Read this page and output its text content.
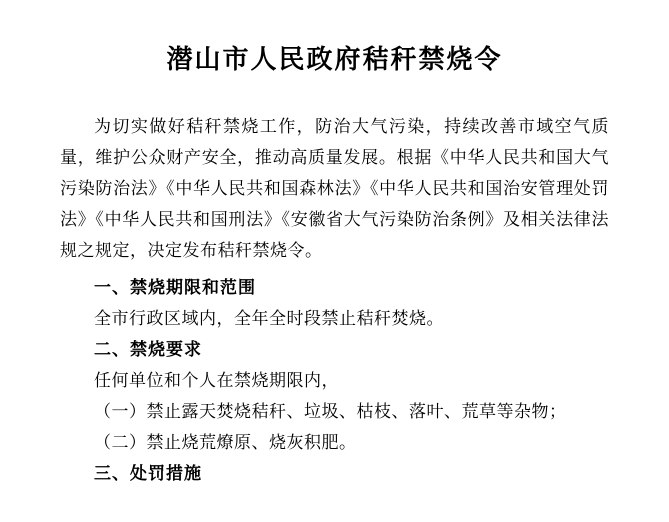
潜山市人民政府秸秆禁烧令

为切实做好秸秆禁烧工作，防治大气污染，持续改善市域空气质量，维护公众财产安全，推动高质量发展。根据《中华人民共和国大气污染防治法》《中华人民共和国森林法》《中华人民共和国治安管理处罚法》《中华人民共和国刑法》《安徽省大气污染防治条例》及相关法律法规之规定，决定发布秸秆禁烧令。

一、禁烧期限和范围

全市行政区域内，全年全时段禁止秸秆焚烧。

二、禁烧要求

任何单位和个人在禁烧期限内，

（一）禁止露天焚烧秸秆、垃圾、枯枝、落叶、荒草等杂物；

（二）禁止烧荒燎原、烧灰积肥。

三、处罚措施
